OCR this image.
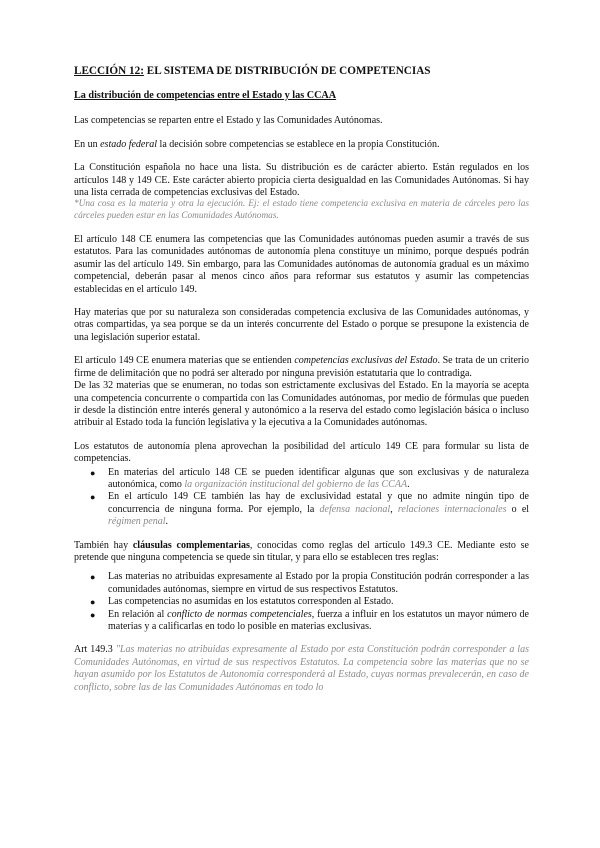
LECCIÓN 12: EL SISTEMA DE DISTRIBUCIÓN DE COMPETENCIAS
La distribución de competencias entre el Estado y las CCAA

Las competencias se reparten entre el Estado y las Comunidades Autónomas.

En un estado federal la decisión sobre competencias se establece en la propia Constitución.

La Constitución española no hace una lista. Su distribución es de carácter abierto. Están regulados en los artículos 148 y 149 CE. Este carácter abierto propicia cierta desigualdad en las Comunidades Autónomas. Si hay una lista cerrada de competencias exclusivas del Estado.

*Una cosa es la materia y otra la ejecución. Ej: el estado tiene competencia exclusiva en materia de cárceles pero las cárceles pueden estar en las Comunidades Autónomas.

El artículo 148 CE enumera las competencias que las Comunidades autónomas pueden asumir a través de sus estatutos. Para las comunidades autónomas de autonomía plena constituye un mínimo, porque después podrán asumir las del artículo 149. Sin embargo, para las Comunidades autónomas de autonomía gradual es un máximo competencial, deberán pasar al menos cinco años para reformar sus estatutos y asumir las competencias establecidas en el artículo 149.

Hay materias que por su naturaleza son consideradas competencia exclusiva de las Comunidades autónomas, y otras compartidas, ya sea porque se da un interés concurrente del Estado o porque se presupone la existencia de una legislación superior estatal.

El artículo 149 CE enumera materias que se entienden competencias exclusivas del Estado. Se trata de un criterio firme de delimitación que no podrá ser alterado por ninguna previsión estatutaria que lo contradiga.

De las 32 materias que se enumeran, no todas son estrictamente exclusivas del Estado. En la mayoría se acepta una competencia concurrente o compartida con las Comunidades autónomas, por medio de fórmulas que pueden ir desde la distinción entre interés general y autonómico a la reserva del estado como legislación básica o incluso atribuir al Estado toda la función legislativa y la ejecutiva a la Comunidades autónomas.

Los estatutos de autonomía plena aprovechan la posibilidad del artículo 149 CE para formular su lista de competencias.

● En materias del artículo 148 CE se pueden identificar algunas que son exclusivas y de naturaleza autonómica, como la organización institucional del gobierno de las CCAA.
● En el artículo 149 CE también las hay de exclusividad estatal y que no admite ningún tipo de concurrencia de ninguna forma. Por ejemplo, la defensa nacional, relaciones internacionales o el régimen penal.

También hay cláusulas complementarias, conocidas como reglas del artículo 149.3 CE. Mediante esto se pretende que ninguna competencia se quede sin titular, y para ello se establecen tres reglas:

● Las materias no atribuidas expresamente al Estado por la propia Constitución podrán corresponder a las comunidades autónomas, siempre en virtud de sus respectivos Estatutos.
● Las competencias no asumidas en los estatutos corresponden al Estado.
● En relación al conflicto de normas competenciales, fuerza a influir en los estatutos un mayor número de materias y a calificarlas en todo lo posible en materias exclusivas.

Art 149.3 "Las materias no atribuidas expresamente al Estado por esta Constitución podrán corresponder a las Comunidades Autónomas, en virtud de sus respectivos Estatutos. La competencia sobre las materias que no se hayan asumido por los Estatutos de Autonomía corresponderá al Estado, cuyas normas prevalecerán, en caso de conflicto, sobre las de las Comunidades Autónomas en todo lo
